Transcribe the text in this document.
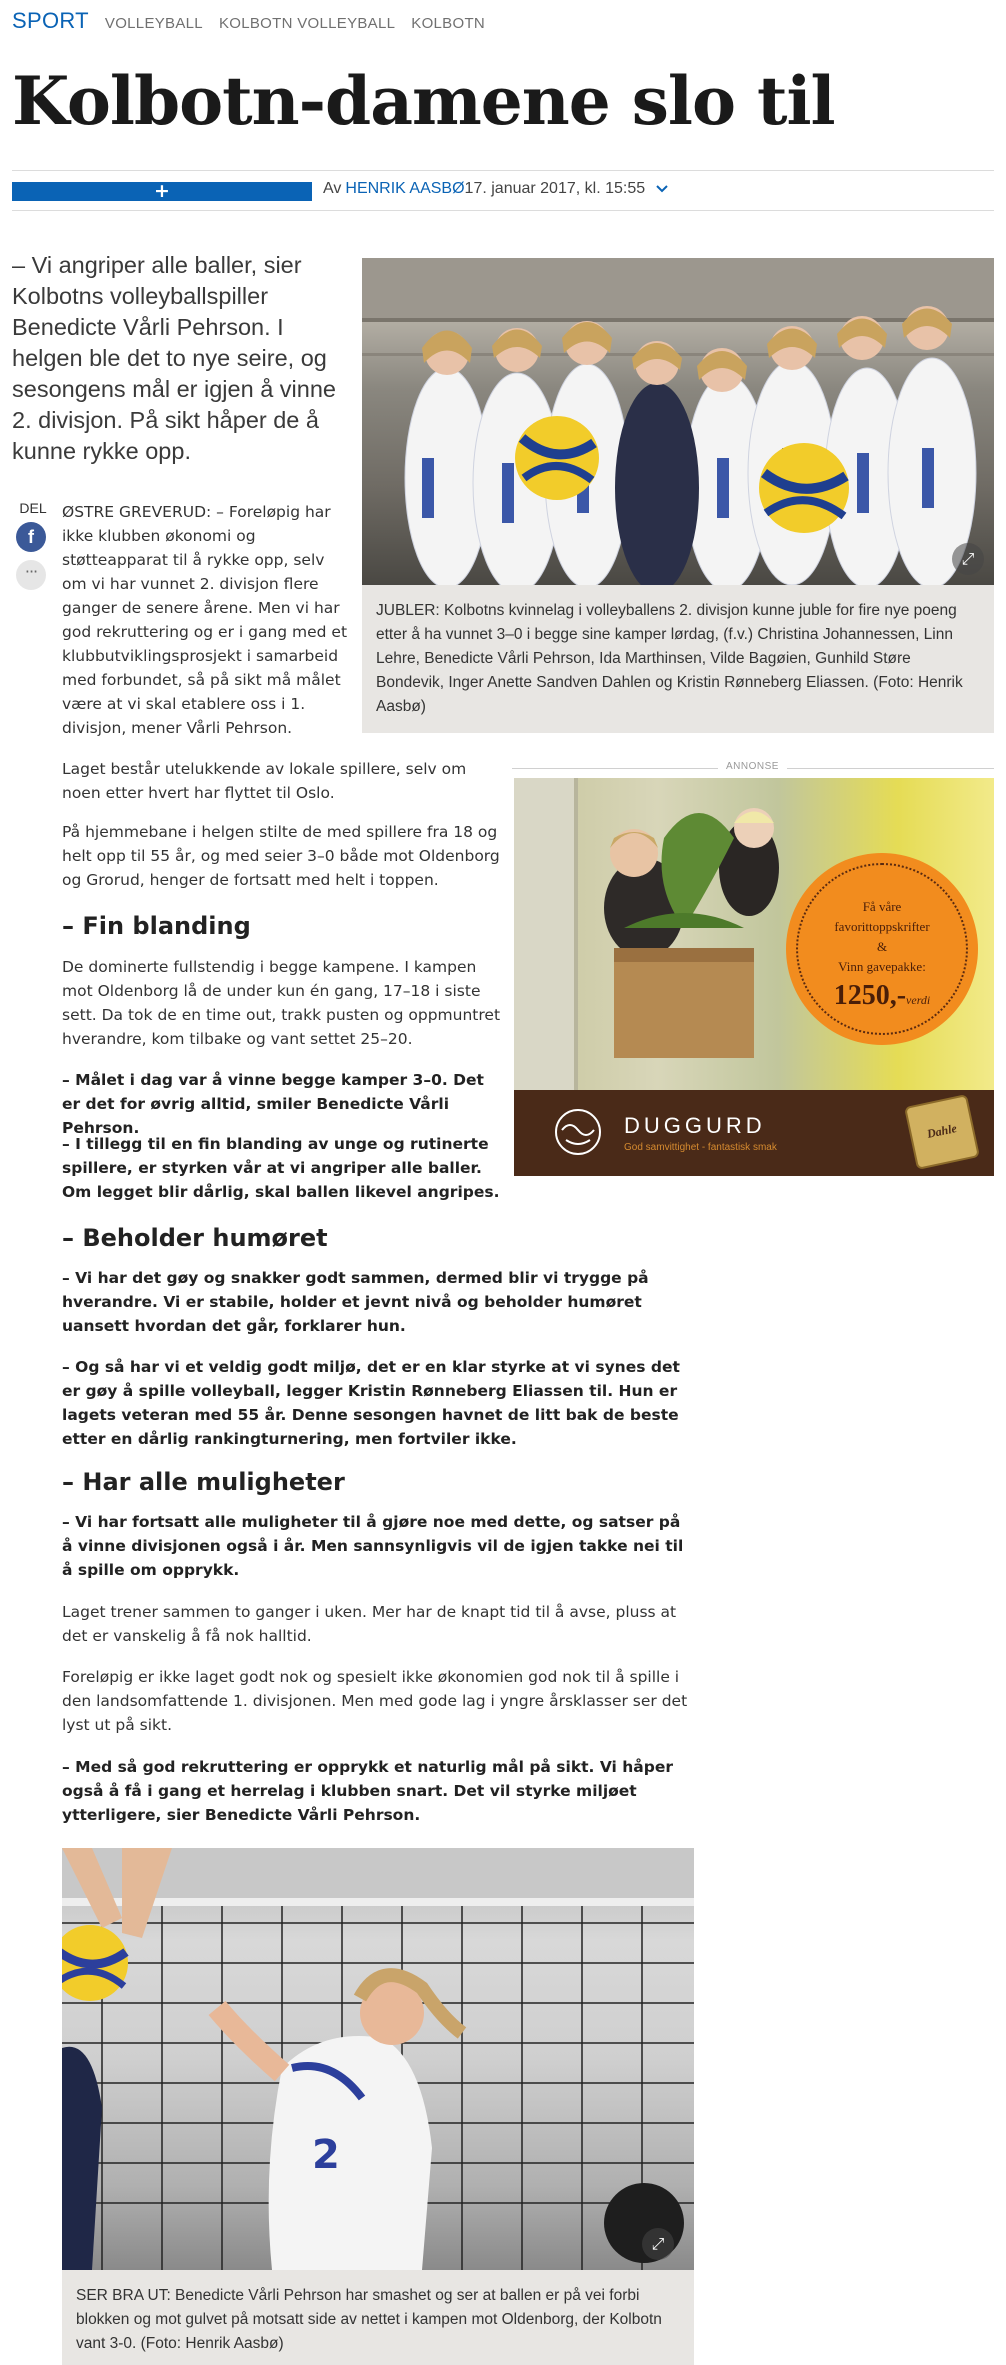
SPORT VOLLEYBALL KOLBOTN VOLLEYBALL KOLBOTN
Kolbotn-damene slo til
+	Av HENRIK AASBØ 17. januar 2017, kl. 15:55

– Vi angriper alle baller, sier Kolbotns volleyballspiller Benedicte Vårli Pehrson. I helgen ble det to nye seire, og sesongens mål er igjen å vinne 2. divisjon. På sikt håper de å kunne rykke opp.

⤢
JUBLER: Kolbotns kvinnelag i volleyballens 2. divisjon kunne juble for fire nye poeng etter å ha vunnet 3–0 i begge sine kamper lørdag, (f.v.) Christina Johannessen, Linn Lehre, Benedicte Vårli Pehrson, Ida Marthinsen, Vilde Bagøien, Gunhild Støre Bondevik, Inger Anette Sandven Dahlen og Kristin Rønneberg Eliassen. (Foto: Henrik Aasbø)
DEL
f
···

ØSTRE GREVERUD: – Foreløpig har ikke klubben økonomi og støtteapparat til å rykke opp, selv om vi har vunnet 2. divisjon flere ganger de senere årene. Men vi har god rekruttering og er i gang med et klubbutviklingsprosjekt i samarbeid med forbundet, så på sikt må målet være at vi skal etablere oss i 1. divisjon, mener Vårli Pehrson.

Laget består utelukkende av lokale spillere, selv om noen etter hvert har flyttet til Oslo.

På hjemmebane i helgen stilte de med spillere fra 18 og helt opp til 55 år, og med seier 3–0 både mot Oldenborg og Grorud, henger de fortsatt med helt i toppen.

– Fin blanding

De dominerte fullstendig i begge kampene. I kampen mot Oldenborg lå de under kun én gang, 17–18 i siste sett. Da tok de en time out, trakk pusten og oppmuntret hverandre, kom tilbake og vant settet 25–20.

– Målet i dag var å vinne begge kamper 3–0. Det er det for øvrig alltid, smiler Benedicte Vårli Pehrson.

– I tillegg til en fin blanding av unge og rutinerte spillere, er styrken vår at vi angriper alle baller. Om legget blir dårlig, skal ballen likevel angripes.

– Beholder humøret

– Vi har det gøy og snakker godt sammen, dermed blir vi trygge på hverandre. Vi er stabile, holder et jevnt nivå og beholder humøret uansett hvordan det går, forklarer hun.

– Og så har vi et veldig godt miljø, det er en klar styrke at vi synes det er gøy å spille volleyball, legger Kristin Rønneberg Eliassen til. Hun er lagets veteran med 55 år. Denne sesongen havnet de litt bak de beste etter en dårlig rankingturnering, men fortviler ikke.

– Har alle muligheter

– Vi har fortsatt alle muligheter til å gjøre noe med dette, og satser på å vinne divisjonen også i år. Men sannsynligvis vil de igjen takke nei til å spille om opprykk.

Laget trener sammen to ganger i uken. Mer har de knapt tid til å avse, pluss at det er vanskelig å få nok halltid.

Foreløpig er ikke laget godt nok og spesielt ikke økonomien god nok til å spille i den landsomfattende 1. divisjonen. Men med gode lag i yngre årsklasser ser det lyst ut på sikt.

– Med så god rekruttering er opprykk et naturlig mål på sikt. Vi håper også å få i gang et herrelag i klubben snart. Det vil styrke miljøet ytterligere, sier Benedicte Vårli Pehrson.

ANNONSE
Få våre
favorittoppskrifter
&
Vinn gavepakke:
1250,-verdi
DUGGURD
God samvittighet - fantastisk smak
Dahle
2
⤢
SER BRA UT: Benedicte Vårli Pehrson har smashet og ser at ballen er på vei forbi blokken og mot gulvet på motsatt side av nettet i kampen mot Oldenborg, der Kolbotn vant 3-0. (Foto: Henrik Aasbø)
